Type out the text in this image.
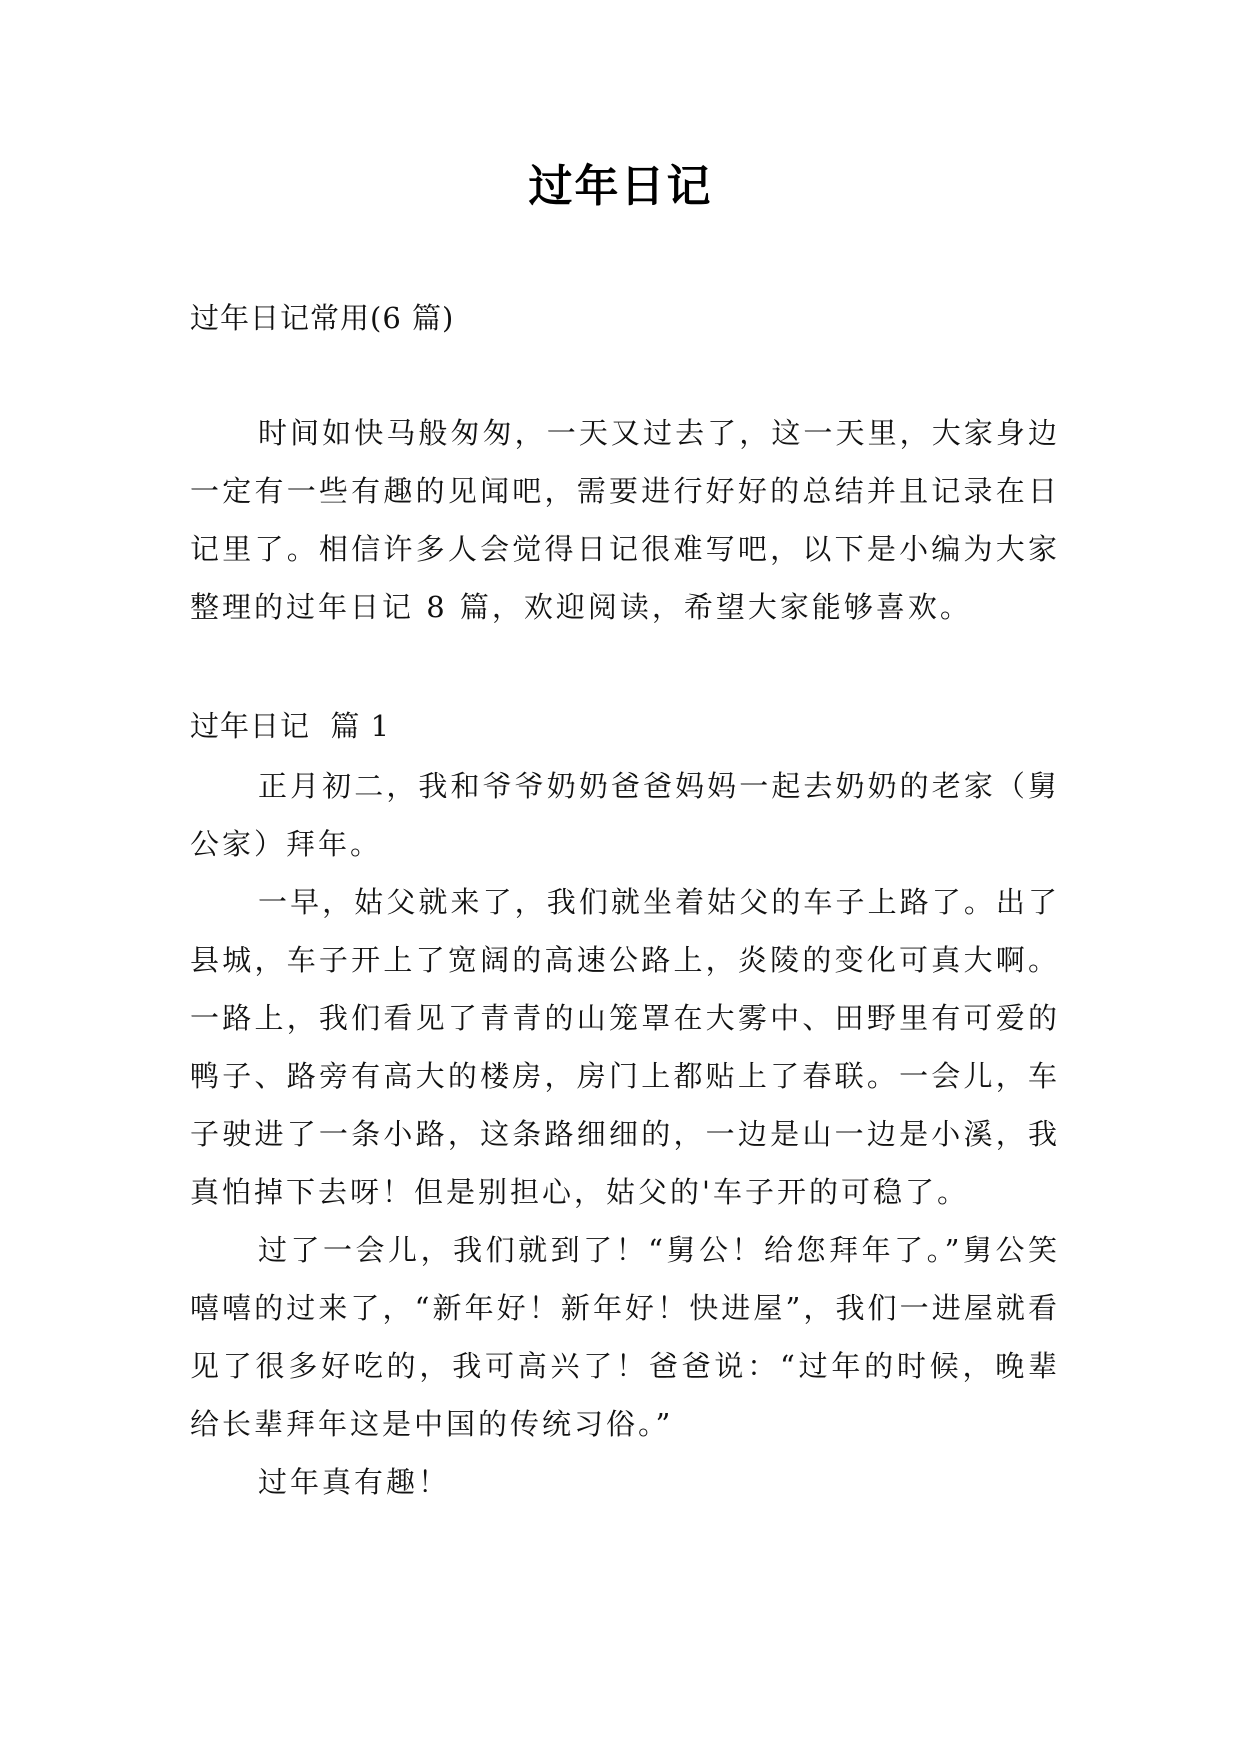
过年日记
过年日记常用(6 篇)

时间如快马般匆匆，一天又过去了，这一天里，大家身边一定有一些有趣的见闻吧，需要进行好好的总结并且记录在日记里了。相信许多人会觉得日记很难写吧，以下是小编为大家整理的过年日记 8 篇，欢迎阅读，希望大家能够喜欢。

过年日记  篇 1

正月初二，我和爷爷奶奶爸爸妈妈一起去奶奶的老家（舅公家）拜年。

一早，姑父就来了，我们就坐着姑父的车子上路了。出了县城，车子开上了宽阔的高速公路上，炎陵的变化可真大啊。一路上，我们看见了青青的山笼罩在大雾中、田野里有可爱的鸭子、路旁有高大的楼房，房门上都贴上了春联。一会儿，车子驶进了一条小路，这条路细细的，一边是山一边是小溪，我真怕掉下去呀！但是别担心，姑父的'车子开的可稳了。

过了一会儿，我们就到了！“舅公！给您拜年了。”舅公笑嘻嘻的过来了，“新年好！新年好！快进屋”，我们一进屋就看见了很多好吃的，我可高兴了！爸爸说：“过年的时候，晚辈给长辈拜年这是中国的传统习俗。”

过年真有趣！
